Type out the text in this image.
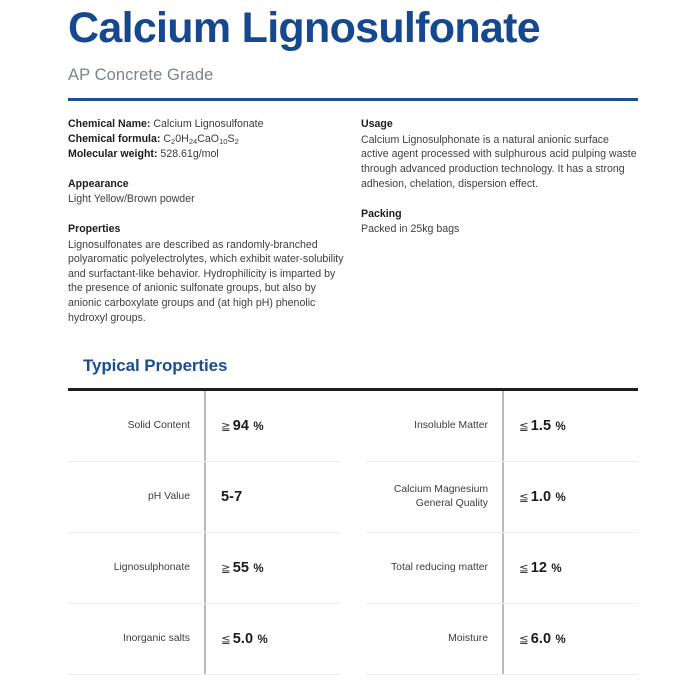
Calcium Lignosulfonate
AP Concrete Grade
Chemical Name: Calcium Lignosulfonate
Chemical formula: $C_20H_{24}CaO_{10}S_2$
Molecular weight: 528.61g/mol

Appearance

Light Yellow/Brown powder

Properties

Lignosulfonates are described as randomly-branched polyaromatic polyelectrolytes, which exhibit water-solubility and surfactant-like behavior. Hydrophilicity is imparted by the presence of anionic sulfonate groups, but also by anionic carboxylate groups and (at high pH) phenolic hydroxyl groups.

Usage

Calcium Lignosulphonate is a natural anionic surface active agent processed with sulphurous acid pulping waste through advanced production technology. It has a strong adhesion, chelation, dispersion effect.

Packing

Packed in 25kg bags

Typical Properties
Solid Content	≧ 94 %
pH Value	5-7
Lignosulphonate	≧ 55 %
Inorganic salts	≦ 5.0 %
Insoluble Matter	≦ 1.5 %
Calcium Magnesium
General Quality	≦ 1.0 %
Total reducing matter	≦ 12 %
Moisture	≦ 6.0 %
